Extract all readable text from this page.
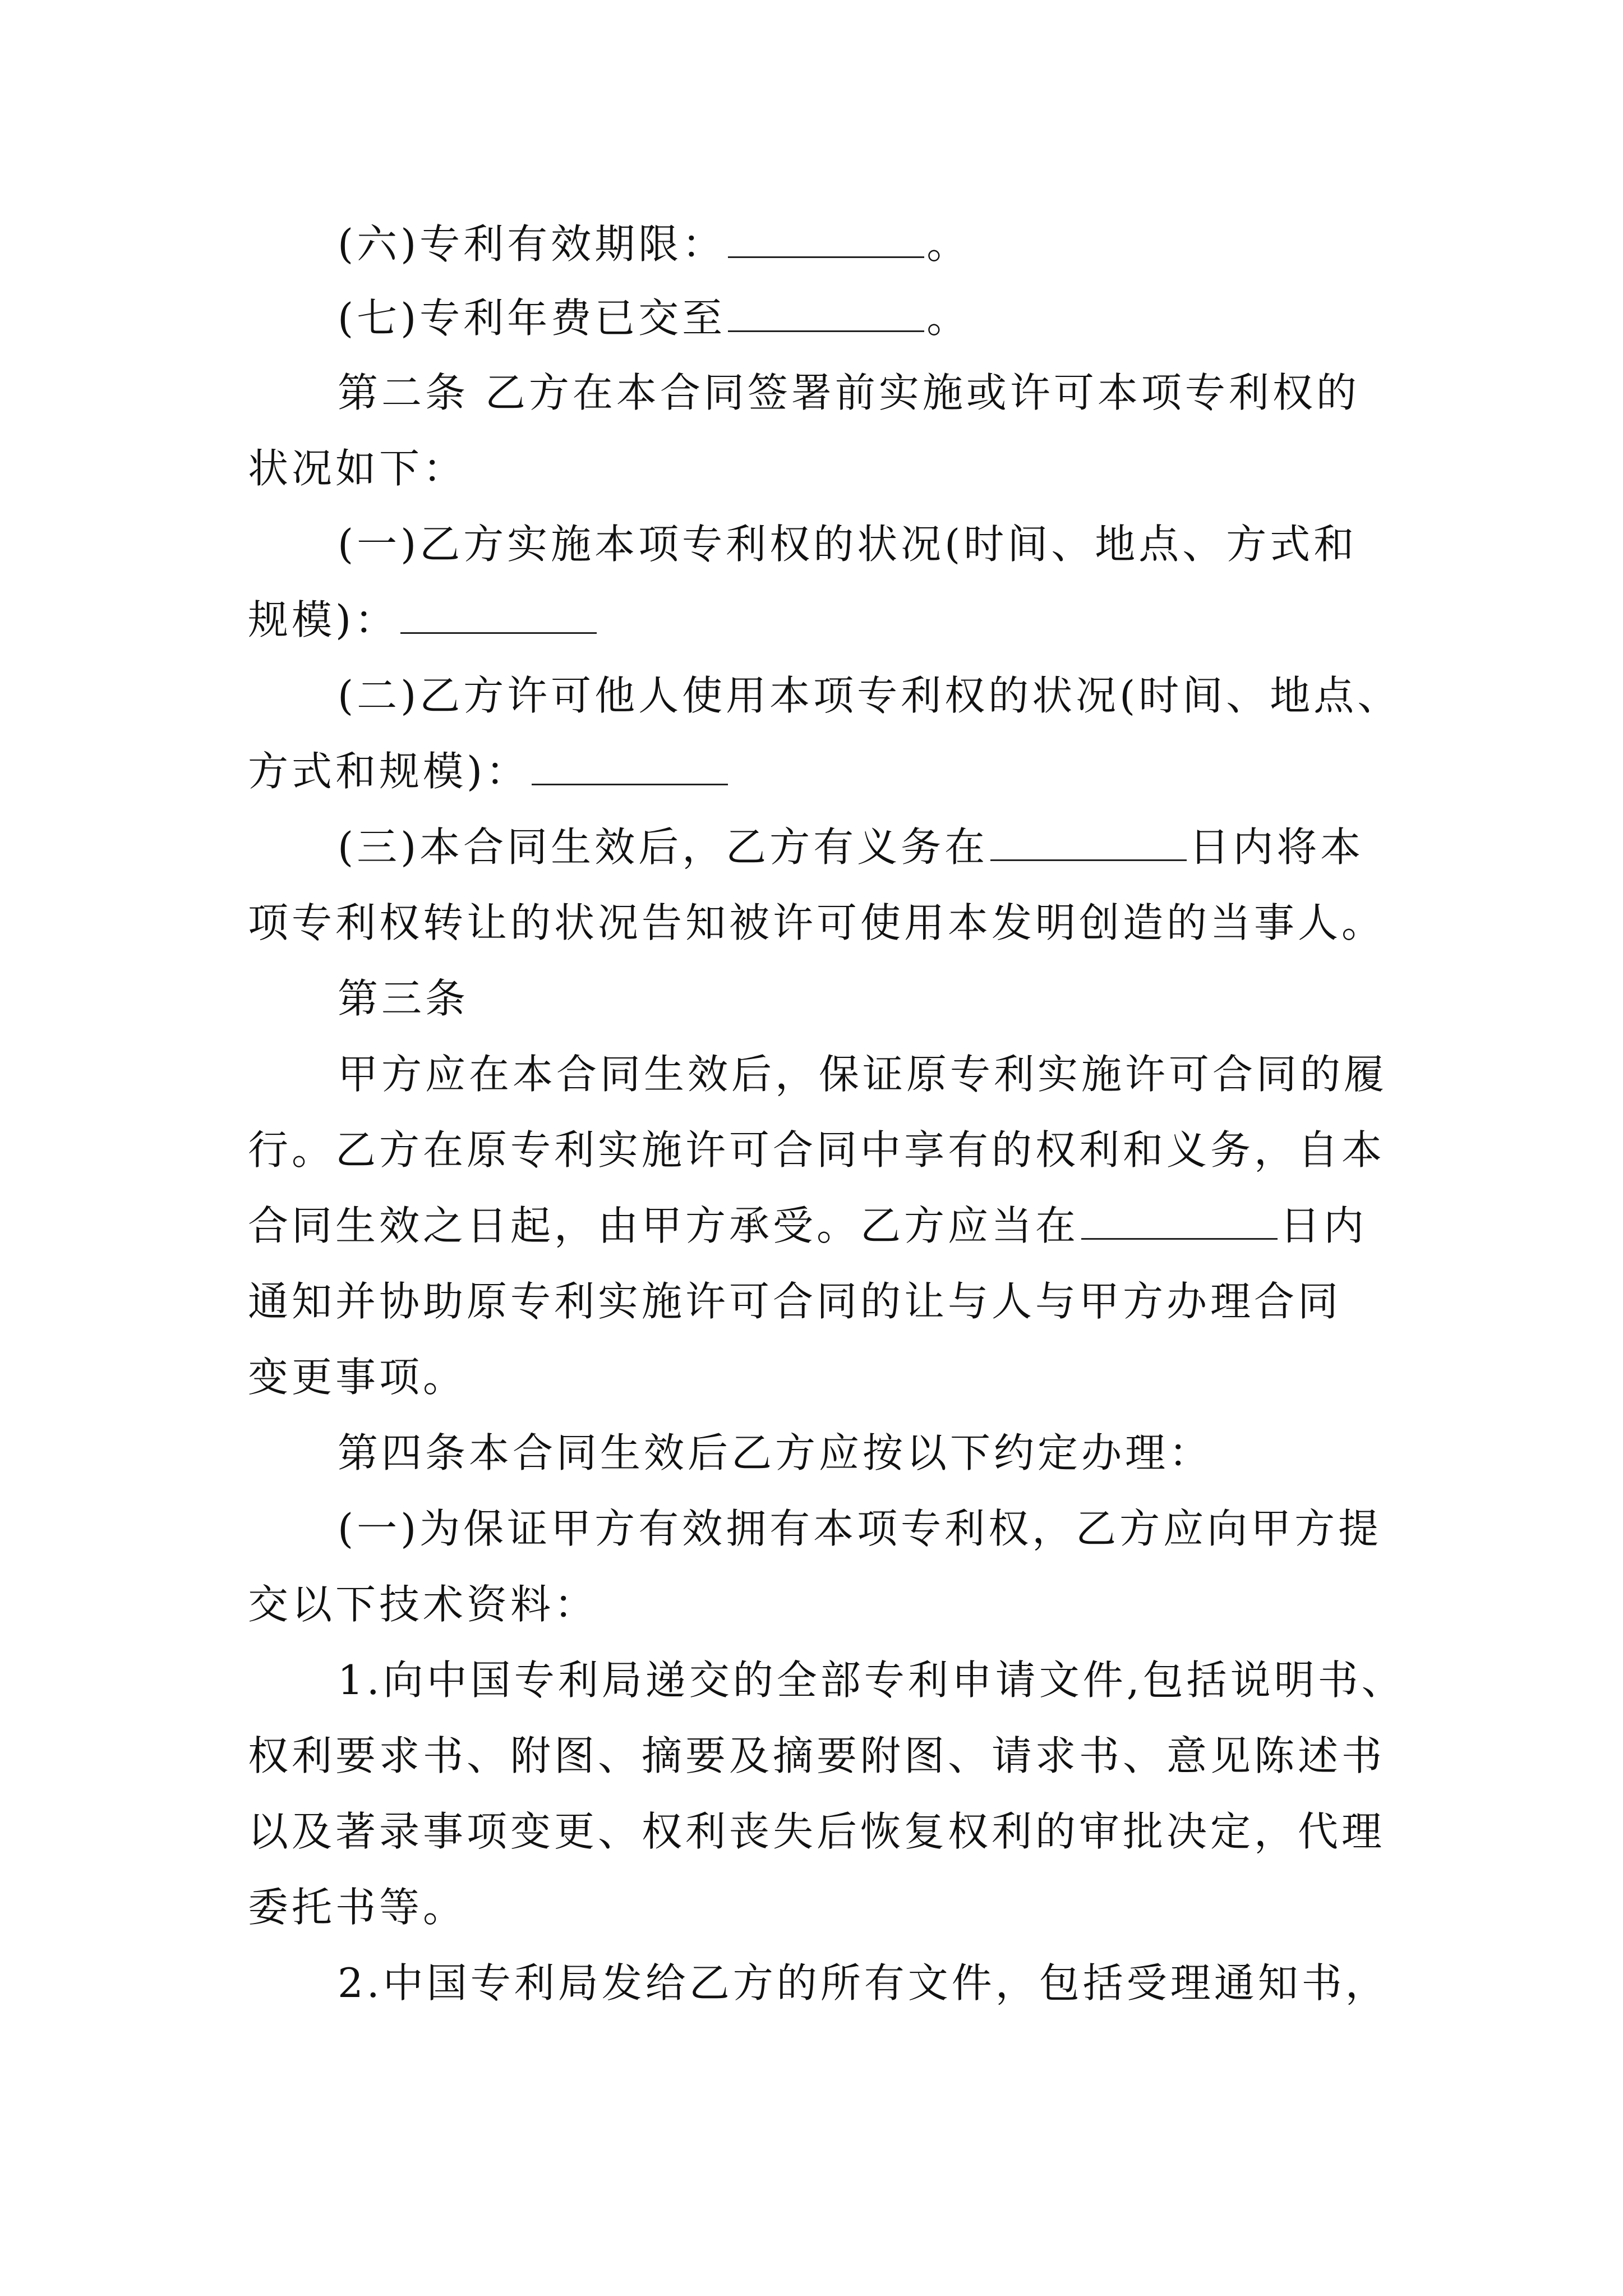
(六)专利有效期限：	。
(七)专利年费已交至	。
第二条 乙方在本合同签署前实施或许可本项专利权的
状况如下：
(一)乙方实施本项专利权的状况(时间、地点、方式和
规模)：
(二)乙方许可他人使用本项专利权的状况(时间、地点、
方式和规模)：
(三)本合同生效后，乙方有义务在	日内将本
项专利权转让的状况告知被许可使用本发明创造的当事人。
第三条
甲方应在本合同生效后，保证原专利实施许可合同的履
行。乙方在原专利实施许可合同中享有的权利和义务，自本
合同生效之日起，由甲方承受。乙方应当在	日内
通知并协助原专利实施许可合同的让与人与甲方办理合同
变更事项。
第四条本合同生效后乙方应按以下约定办理：
(一)为保证甲方有效拥有本项专利权，乙方应向甲方提
交以下技术资料：
1.向中国专利局递交的全部专利申请文件,包括说明书、
权利要求书、附图、摘要及摘要附图、请求书、意见陈述书
以及著录事项变更、权利丧失后恢复权利的审批决定，代理
委托书等。
2.中国专利局发给乙方的所有文件，包括受理通知书，
